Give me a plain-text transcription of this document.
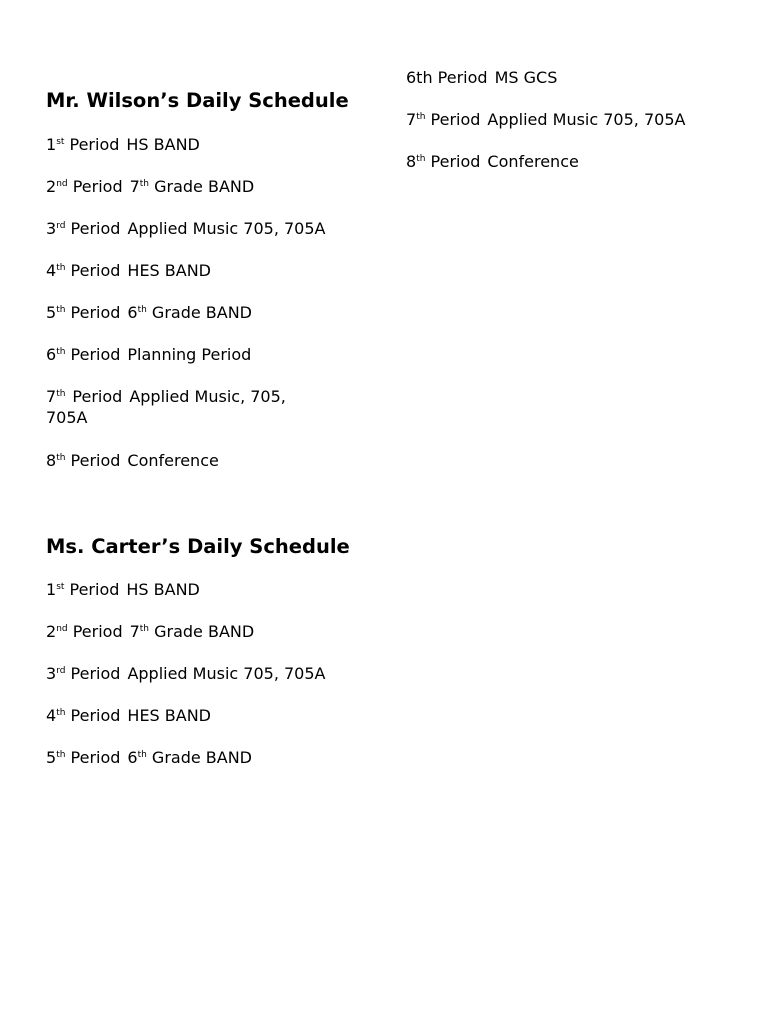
Mr. Wilson’s Daily Schedule
1st Period HS BAND
2nd Period 7th Grade BAND
3rd Period Applied Music 705, 705A
4th Period HES BAND
5th Period 6th Grade BAND
6th Period Planning Period
7th Period Applied Music, 705, 705A
8th Period Conference
Ms. Carter’s Daily Schedule
1st Period HS BAND
2nd Period 7th Grade BAND
3rd Period Applied Music 705, 705A
4th Period HES BAND
5th Period 6th Grade BAND
6th Period MS GCS
7th Period Applied Music 705, 705A
8th Period Conference
